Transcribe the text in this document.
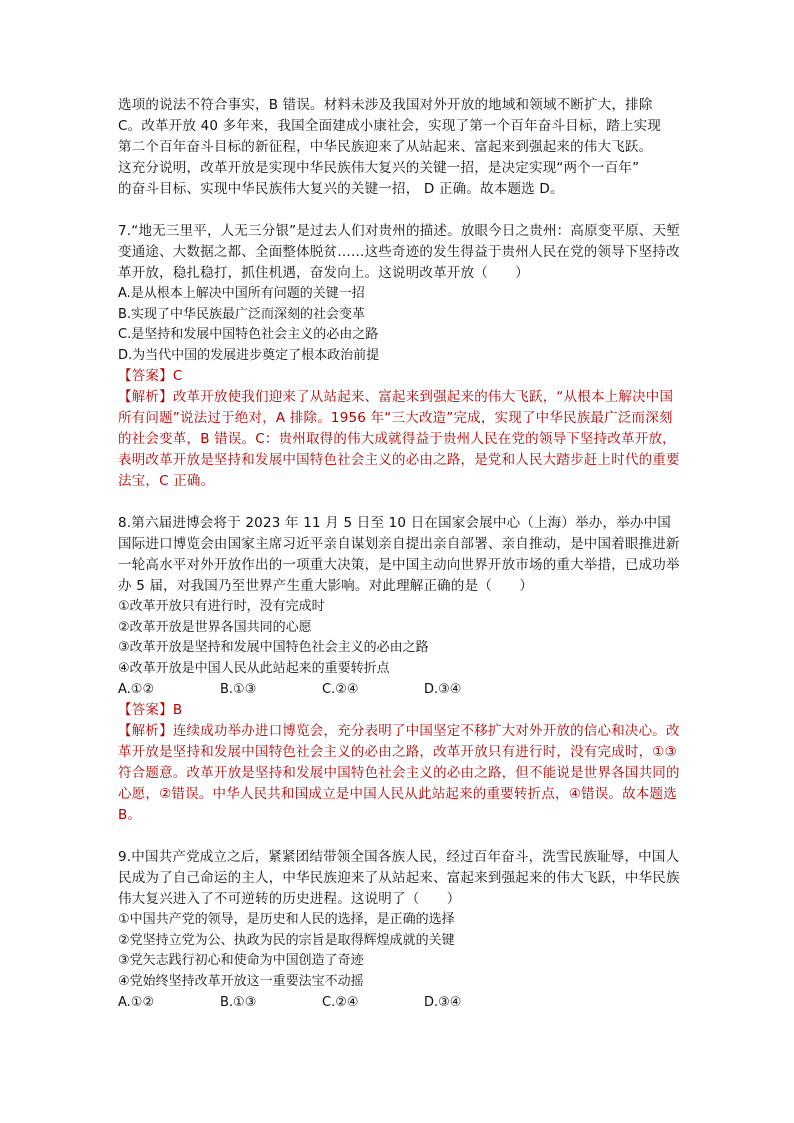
选项的说法不符合事实，B 错误。材料未涉及我国对外开放的地域和领域不断扩大，排除

C。改革开放 40 多年来，我国全面建成小康社会，实现了第一个百年奋斗目标，踏上实现

第二个百年奋斗目标的新征程，中华民族迎来了从站起来、富起来到强起来的伟大飞跃。

这充分说明，改革开放是实现中华民族伟大复兴的关键一招，是决定实现“两个一百年”

的奋斗目标、实现中华民族伟大复兴的关键一招， D 正确。故本题选 D。

7.“地无三里平，人无三分银”是过去人们对贵州的描述。放眼今日之贵州：高原变平原、天堑变通途、大数据之都、全面整体脱贫……这些奇迹的发生得益于贵州人民在党的领导下坚持改革开放，稳扎稳打，抓住机遇，奋发向上。这说明改革开放（　　）

A.是从根本上解决中国所有问题的关键一招

B.实现了中华民族最广泛而深刻的社会变革

C.是坚持和发展中国特色社会主义的必由之路

D.为当代中国的发展进步奠定了根本政治前提

【答案】C

【解析】改革开放使我们迎来了从站起来、富起来到强起来的伟大飞跃，“从根本上解决中国所有问题”说法过于绝对，A 排除。1956 年“三大改造”完成，实现了中华民族最广泛而深刻的社会变革，B 错误。C：贵州取得的伟大成就得益于贵州人民在党的领导下坚持改革开放，表明改革开放是坚持和发展中国特色社会主义的必由之路，是党和人民大踏步赶上时代的重要法宝，C 正确。

8.第六届进博会将于 2023 年 11 月 5 日至 10 日在国家会展中心（上海）举办，举办中国国际进口博览会由国家主席习近平亲自谋划亲自提出亲自部署、亲自推动，是中国着眼推进新一轮高水平对外开放作出的一项重大决策，是中国主动向世界开放市场的重大举措，已成功举办 5 届，对我国乃至世界产生重大影响。对此理解正确的是（　　）

①改革开放只有进行时，没有完成时

②改革开放是世界各国共同的心愿

③改革开放是坚持和发展中国特色社会主义的必由之路

④改革开放是中国人民从此站起来的重要转折点

A.①②	B.①③	C.②④	D.③④

【答案】B

【解析】连续成功举办进口博览会，充分表明了中国坚定不移扩大对外开放的信心和决心。改革开放是坚持和发展中国特色社会主义的必由之路，改革开放只有进行时，没有完成时，①③符合题意。改革开放是坚持和发展中国特色社会主义的必由之路，但不能说是世界各国共同的心愿，②错误。中华人民共和国成立是中国人民从此站起来的重要转折点，④错误。故本题选 B。

9.中国共产党成立之后，紧紧团结带领全国各族人民，经过百年奋斗，洗雪民族耻辱，中国人民成为了自己命运的主人，中华民族迎来了从站起来、富起来到强起来的伟大飞跃，中华民族伟大复兴进入了不可逆转的历史进程。这说明了（　　）

①中国共产党的领导，是历史和人民的选择，是正确的选择

②党坚持立党为公、执政为民的宗旨是取得辉煌成就的关键

③党矢志践行初心和使命为中国创造了奇迹

④党始终坚持改革开放这一重要法宝不动摇

A.①②	B.①③	C.②④	D.③④
